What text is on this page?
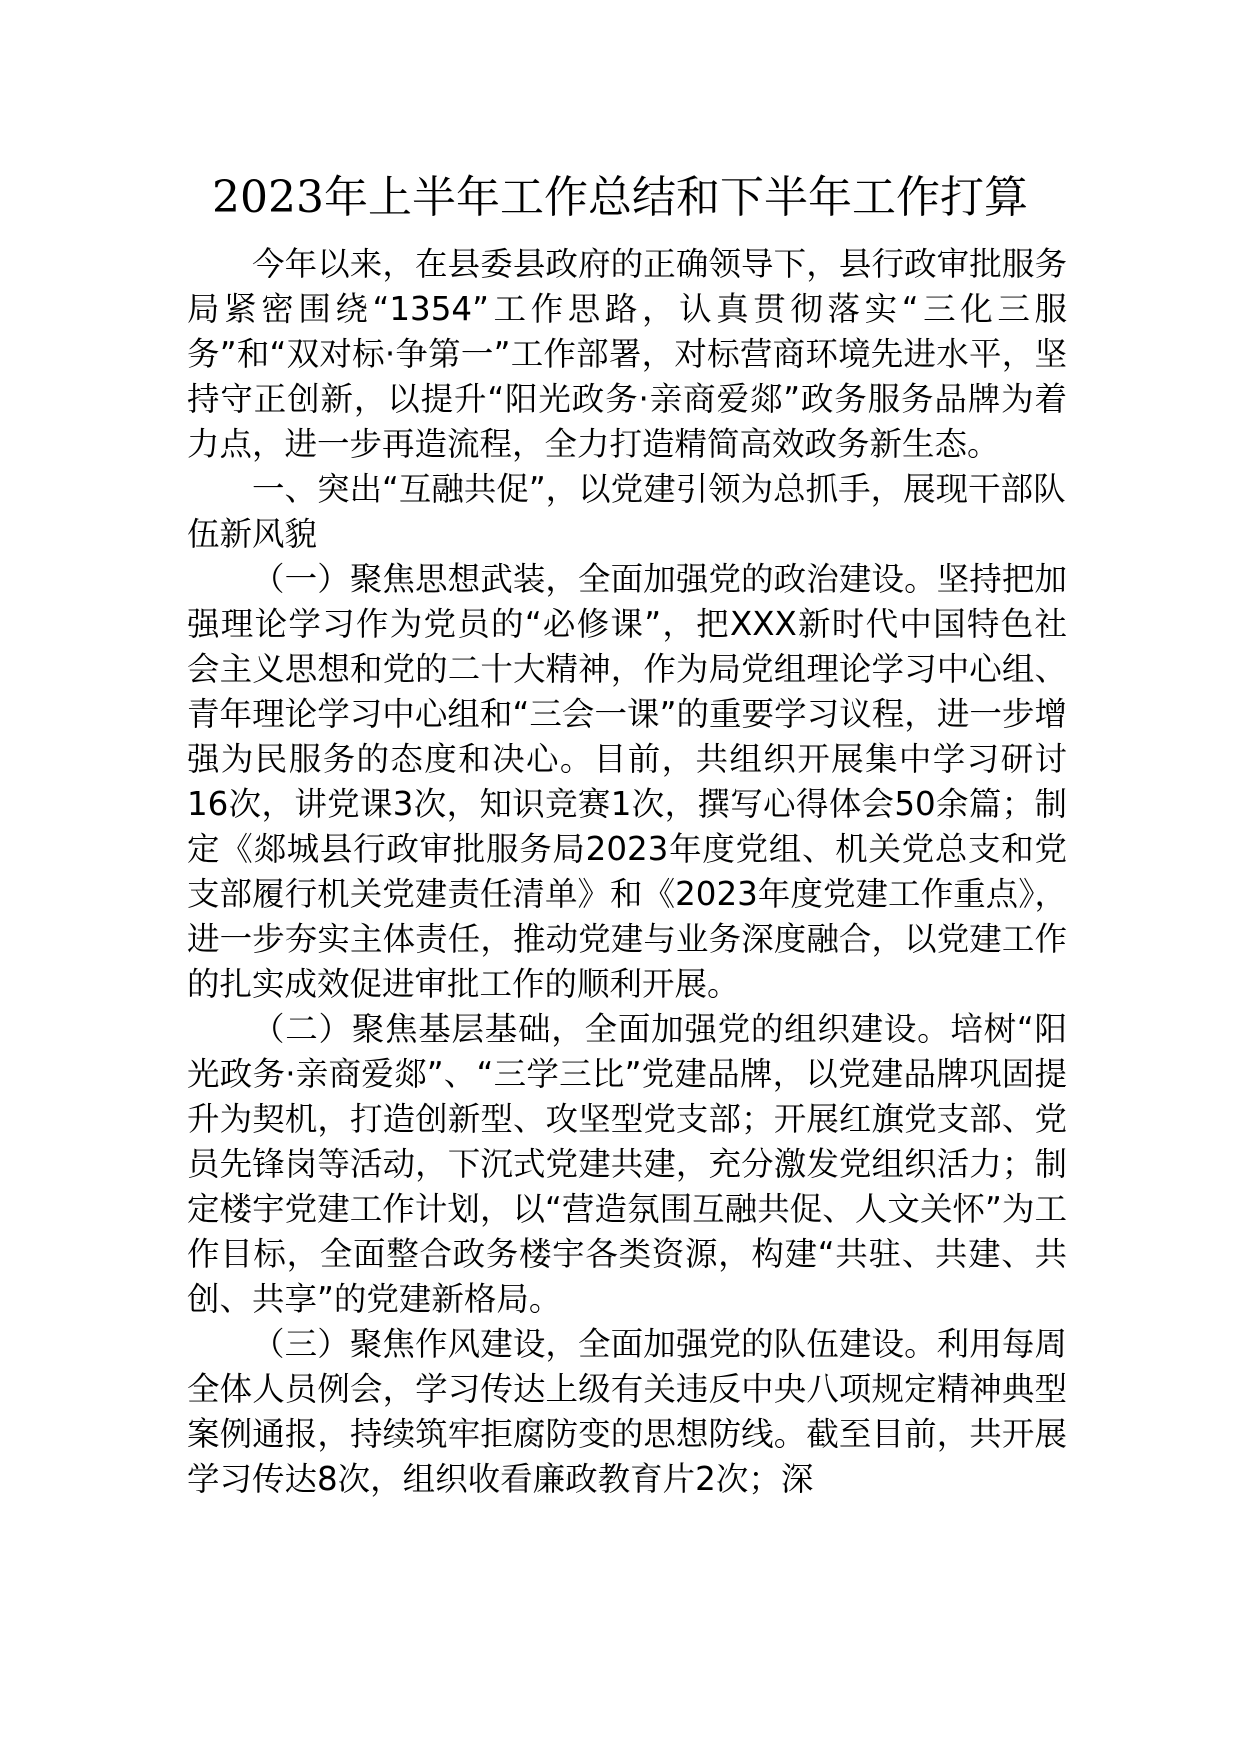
2023年上半年工作总结和下半年工作打算

今年以来，在县委县政府的正确领导下，县行政审批服务局紧密围绕“1354”工作思路，认真贯彻落实“三化三服务”和“双对标·争第一”工作部署，对标营商环境先进水平，坚持守正创新，以提升“阳光政务·亲商爱郯”政务服务品牌为着力点，进一步再造流程，全力打造精简高效政务新生态。

一、突出“互融共促”，以党建引领为总抓手，展现干部队伍新风貌

（一）聚焦思想武装，全面加强党的政治建设。坚持把加强理论学习作为党员的“必修课”，把XXX新时代中国特色社会主义思想和党的二十大精神，作为局党组理论学习中心组、青年理论学习中心组和“三会一课”的重要学习议程，进一步增强为民服务的态度和决心。目前，共组织开展集中学习研讨16次，讲党课3次，知识竞赛1次，撰写心得体会50余篇；制定《郯城县行政审批服务局2023年度党组、机关党总支和党支部履行机关党建责任清单》和《2023年度党建工作重点》，进一步夯实主体责任，推动党建与业务深度融合，以党建工作的扎实成效促进审批工作的顺利开展。

（二）聚焦基层基础，全面加强党的组织建设。培树“阳光政务·亲商爱郯”、“三学三比”党建品牌，以党建品牌巩固提升为契机，打造创新型、攻坚型党支部；开展红旗党支部、党员先锋岗等活动，下沉式党建共建，充分激发党组织活力；制定楼宇党建工作计划，以“营造氛围互融共促、人文关怀”为工作目标，全面整合政务楼宇各类资源，构建“共驻、共建、共创、共享”的党建新格局。

（三）聚焦作风建设，全面加强党的队伍建设。利用每周全体人员例会，学习传达上级有关违反中央八项规定精神典型案例通报，持续筑牢拒腐防变的思想防线。截至目前，共开展学习传达8次，组织收看廉政教育片2次；深
